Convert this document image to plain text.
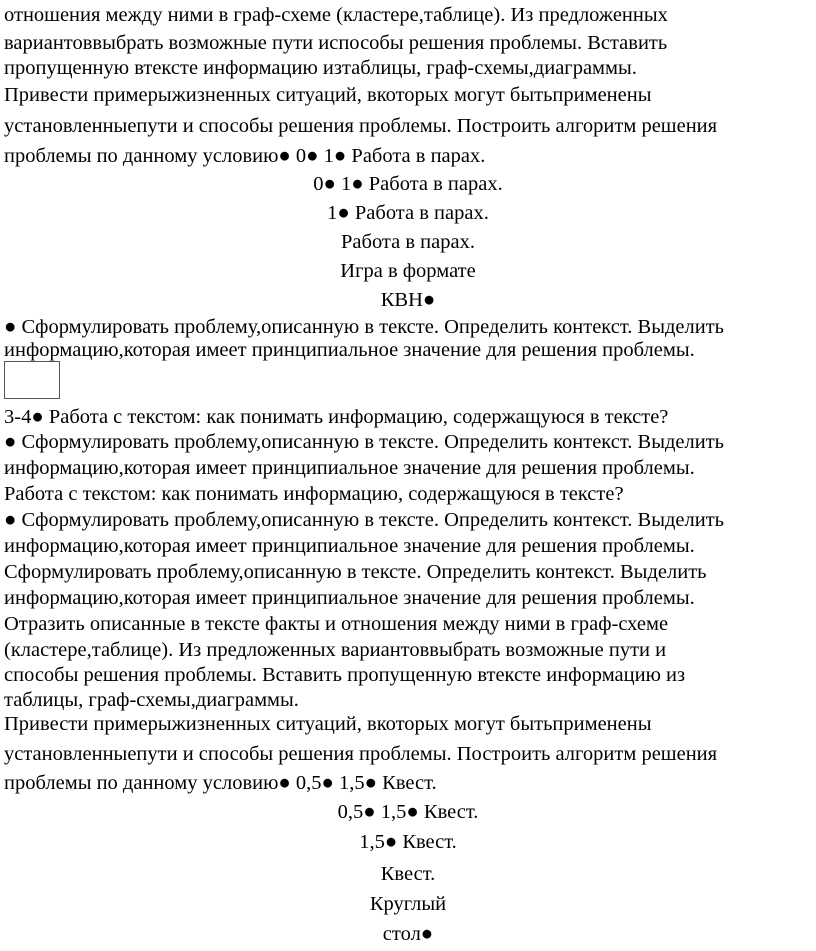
отношения между ними в граф-схеме (кластере,таблице). Из предложенных
вариантоввыбрать возможные пути испособы решения проблемы. Вставить
пропущенную втексте информацию изтаблицы, граф-схемы,диаграммы.
Привести примерыжизненных ситуаций, вкоторых могут бытьприменены
установленныепути и способы решения проблемы. Построить алгоритм решения
проблемы по данному условию● 0● 1● Работа в парах.
0● 1● Работа в парах.
1● Работа в парах.
Работа в парах.
Игра в формате
КВН●
● Сформулировать проблему,описанную в тексте. Определить контекст. Выделить
информацию,которая имеет принципиальное значение для решения проблемы.
3-4● Работа с текстом: как понимать информацию, содержащуюся в тексте?
● Сформулировать проблему,описанную в тексте. Определить контекст. Выделить
информацию,которая имеет принципиальное значение для решения проблемы.
Работа с текстом: как понимать информацию, содержащуюся в тексте?
● Сформулировать проблему,описанную в тексте. Определить контекст. Выделить
информацию,которая имеет принципиальное значение для решения проблемы.
Сформулировать проблему,описанную в тексте. Определить контекст. Выделить
информацию,которая имеет принципиальное значение для решения проблемы.
Отразить описанные в тексте факты и отношения между ними в граф-схеме
(кластере,таблице). Из предложенных вариантоввыбрать возможные пути и
способы решения проблемы. Вставить пропущенную втексте информацию из
таблицы, граф-схемы,диаграммы.
Привести примерыжизненных ситуаций, вкоторых могут бытьприменены
установленныепути и способы решения проблемы. Построить алгоритм решения
проблемы по данному условию● 0,5● 1,5● Квест.
0,5● 1,5● Квест.
1,5● Квест.
Квест.
Круглый
стол●
